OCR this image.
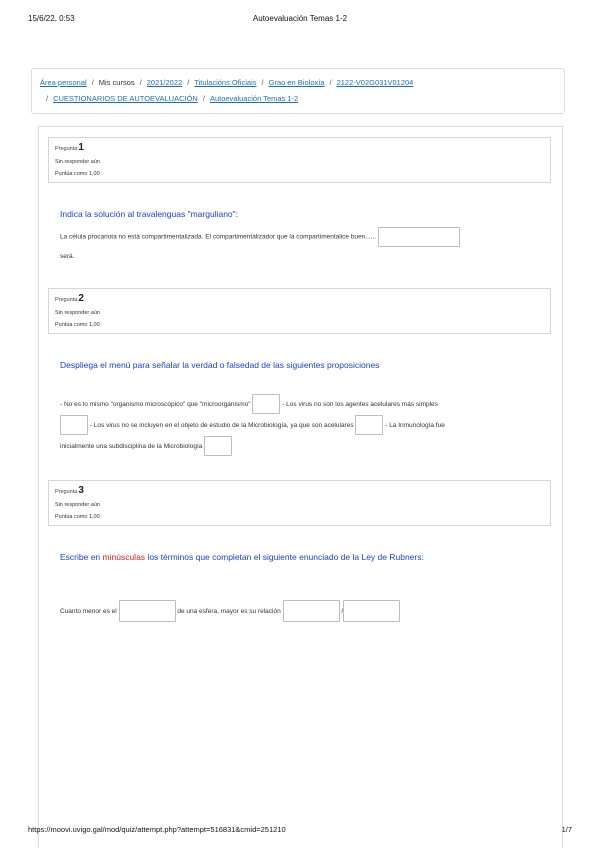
15/6/22, 0:53	Autoevaluación Temas 1-2
Área personal / Mis cursos / 2021/2022 / Titulacións Oficiais / Grao en Bioloxía / 2122-V02G031V01204
/ CUESTIONARIOS DE AUTOEVALUACIÓN / Autoevaluación Temas 1-2
Pregunta1
Sin responder aún
Puntúa como 1,00
Indica la solución al travalenguas "marguliano":
La célula procariota no está compartimentalizada. El compartimentalizador que la compartimentalice buen......
será.
Pregunta2
Sin responder aún
Puntúa como 1,00
Despliega el menú para señalar la verdad o falsedad de las siguientes proposiciones
- No es lo mismo "organismo microscópico" que "microorganismo"	- Los virus no son los agentes acelulares más simples
- Los virus no se incluyen en el objeto de estudio de la Microbiología, ya que son acelulares	- La Inmunología fue
inicialmente una subdisciplina de la Microbiología
Pregunta3
Sin responder aún
Puntúa como 1,00
Escribe en minúsculas los términos que completan el siguiente enunciado de la Ley de Rubners:
Cuanto menor es el	de una esfera, mayor es su relación
https://moovi.uvigo.gal/mod/quiz/attempt.php?attempt=516831&cmid=251210	1/7
